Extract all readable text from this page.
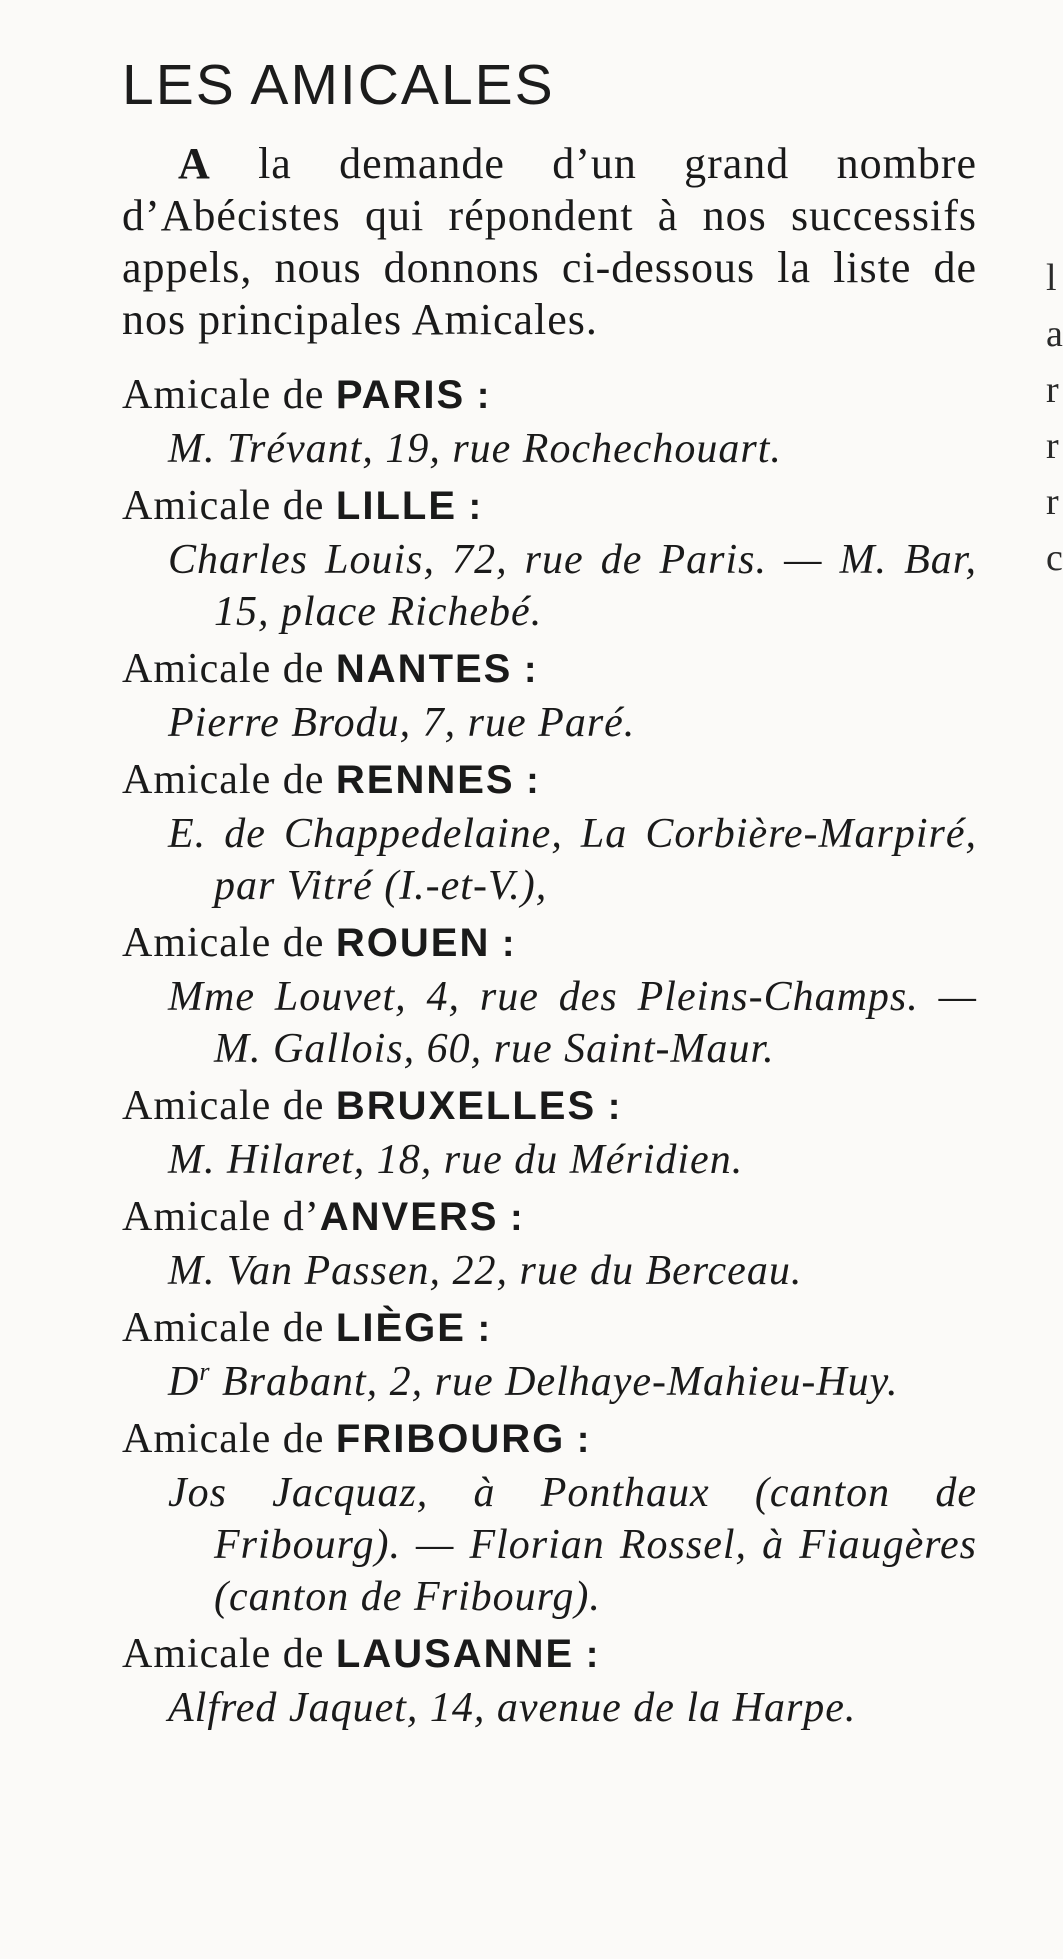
LES AMICALES

A la demande d’un grand nombre d’Abécistes qui répondent à nos successifs appels, nous donnons ci-dessous la liste de nos principales Amicales.

Amicale de PARIS :
M. Trévant, 19, rue Rochechouart.
Amicale de LILLE :
Charles Louis, 72, rue de Paris. — M. Bar, 15, place Richebé.
Amicale de NANTES :
Pierre Brodu, 7, rue Paré.
Amicale de RENNES :
E. de Chappedelaine, La Corbière-Marpiré, par Vitré (I.-et-V.),
Amicale de ROUEN :
Mme Louvet, 4, rue des Pleins-Champs. — M. Gallois, 60, rue Saint-Maur.
Amicale de BRUXELLES :
M. Hilaret, 18, rue du Méridien.
Amicale d’ANVERS :
M. Van Passen, 22, rue du Berceau.
Amicale de LIÈGE :
$D^r$ Brabant, 2, rue Delhaye-Mahieu-Huy.
Amicale de FRIBOURG :
Jos Jacquaz, à Ponthaux (canton de Fribourg). — Florian Rossel, à Fiaugères (canton de Fribourg).
Amicale de LAUSANNE :
Alfred Jaquet, 14, avenue de la Harpe.
l
a
r
r
r
c
